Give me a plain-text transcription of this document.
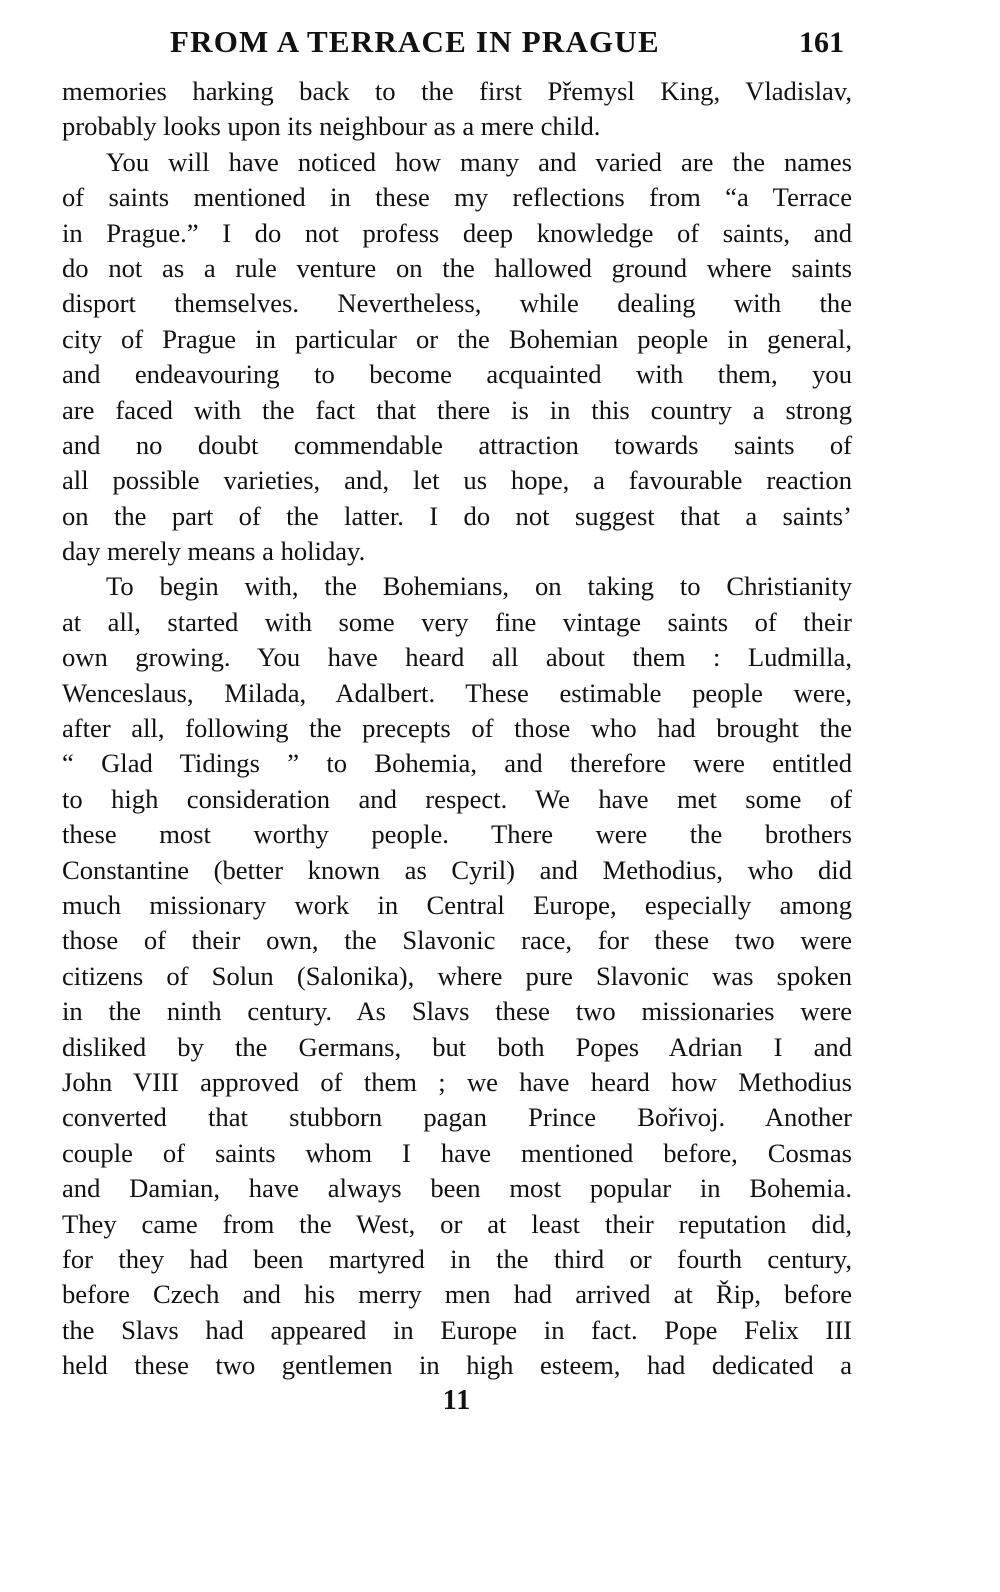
FROM A TERRACE IN PRAGUE	161
memories harking back to the first Přemysl King, Vladislav,
probably looks upon its neighbour as a mere child.
You will have noticed how many and varied are the names
of saints mentioned in these my reflections from “a Terrace
in Prague.” I do not profess deep knowledge of saints, and
do not as a rule venture on the hallowed ground where saints
disport themselves. Nevertheless, while dealing with the
city of Prague in particular or the Bohemian people in general,
and endeavouring to become acquainted with them, you
are faced with the fact that there is in this country a strong
and no doubt commendable attraction towards saints of
all possible varieties, and, let us hope, a favourable reaction
on the part of the latter. I do not suggest that a saints’
day merely means a holiday.
To begin with, the Bohemians, on taking to Christianity
at all, started with some very fine vintage saints of their
own growing. You have heard all about them : Ludmilla,
Wenceslaus, Milada, Adalbert. These estimable people were,
after all, following the precepts of those who had brought the
“ Glad Tidings ” to Bohemia, and therefore were entitled
to high consideration and respect. We have met some of
these most worthy people. There were the brothers
Constantine (better known as Cyril) and Methodius, who did
much missionary work in Central Europe, especially among
those of their own, the Slavonic race, for these two were
citizens of Solun (Salonika), where pure Slavonic was spoken
in the ninth century. As Slavs these two missionaries were
disliked by the Germans, but both Popes Adrian I and
John VIII approved of them ; we have heard how Methodius
converted that stubborn pagan Prince Bořivoj. Another
couple of saints whom I have mentioned before, Cosmas
and Damian, have always been most popular in Bohemia.
They came from the West, or at least their reputation did,
for they had been martyred in the third or fourth century,
before Czech and his merry men had arrived at Řip, before
the Slavs had appeared in Europe in fact. Pope Felix III
held these two gentlemen in high esteem, had dedicated a
11
